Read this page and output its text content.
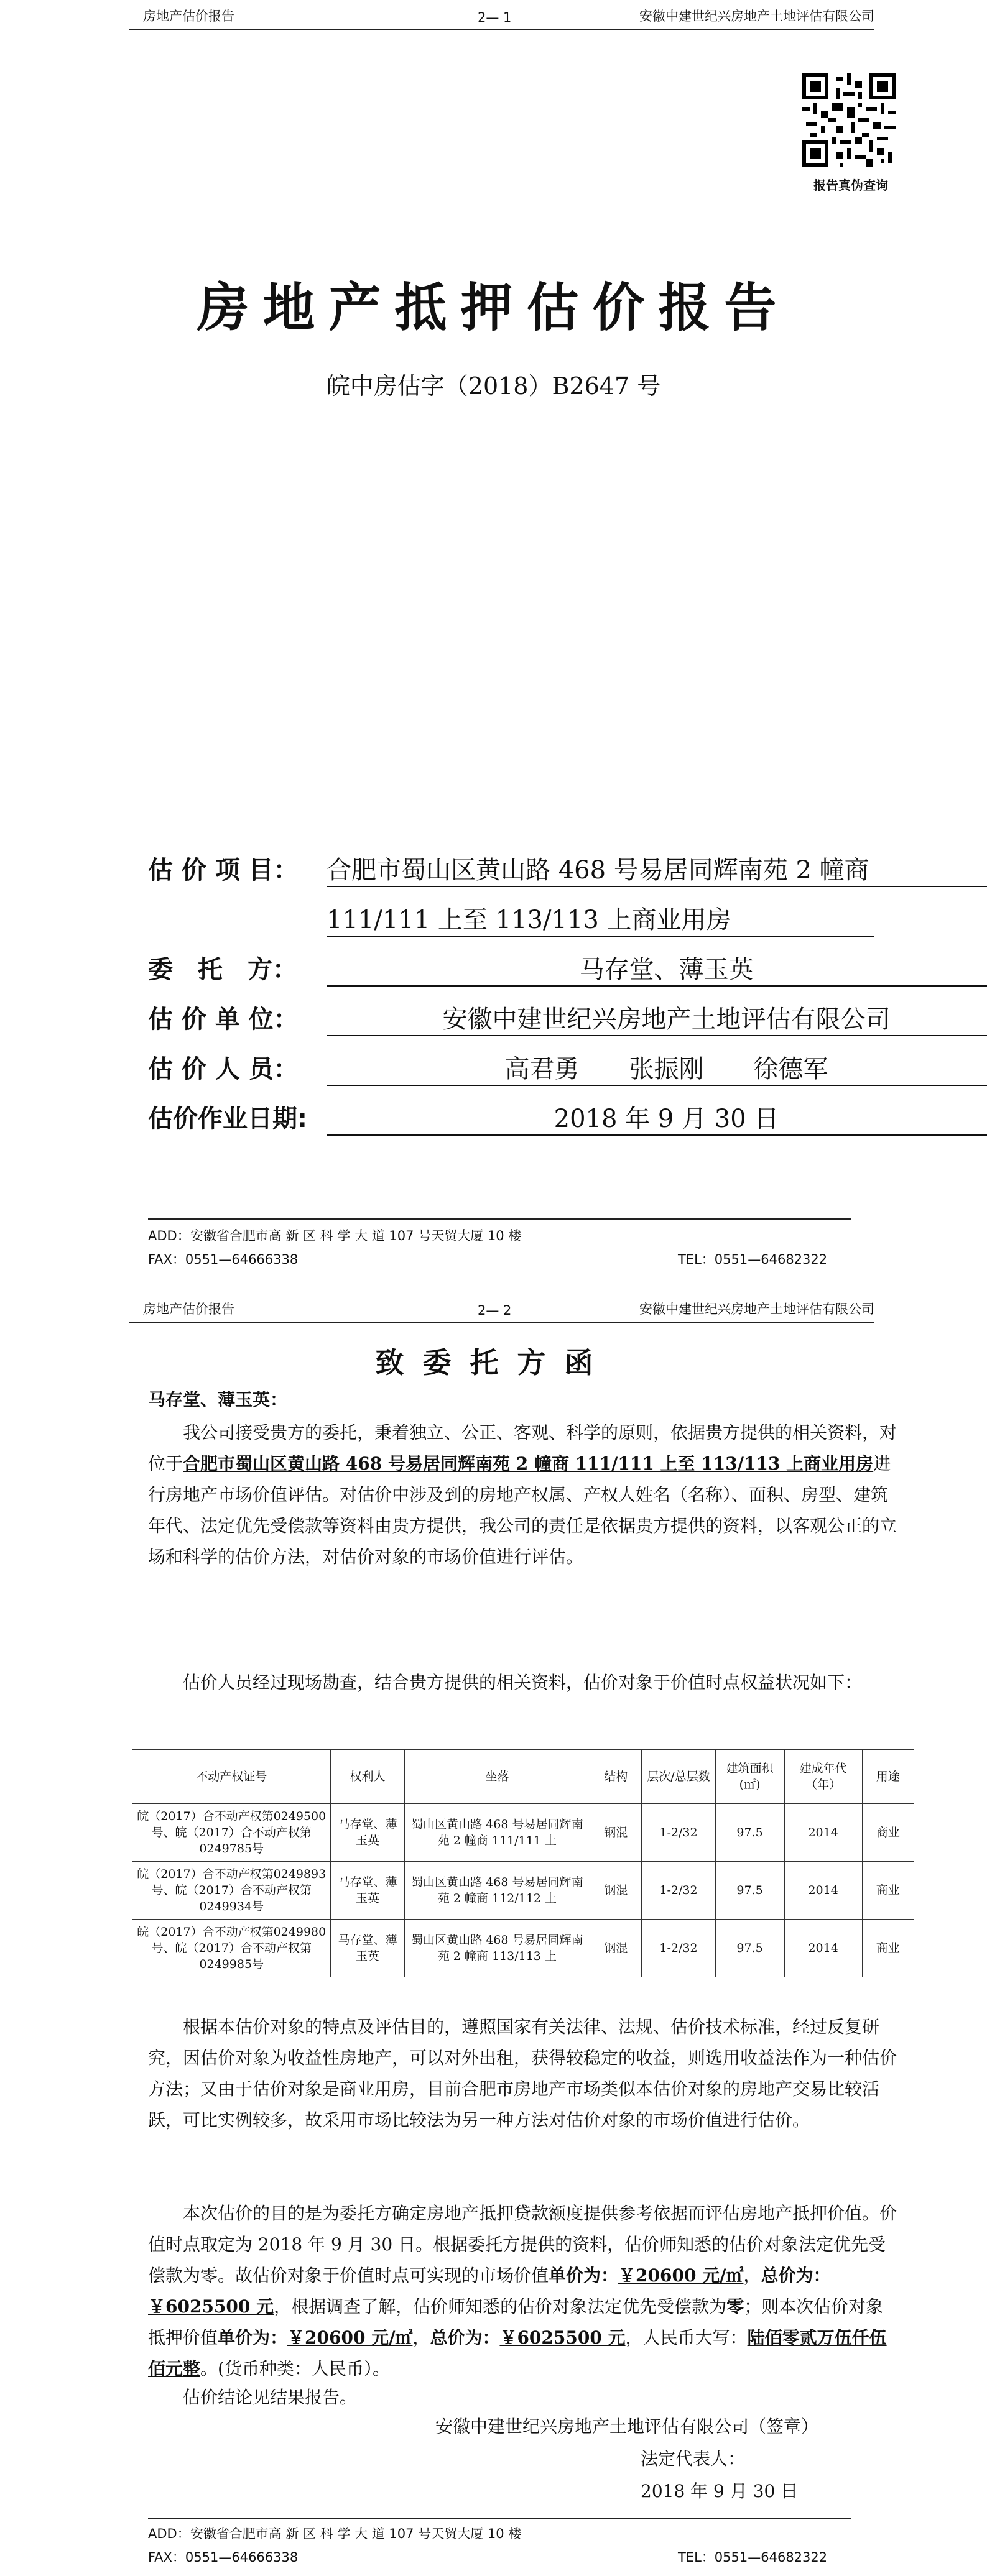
房地产估价报告	2— 1	安徽中建世纪兴房地产土地评估有限公司
报告真伪查询
房地产抵押估价报告
皖中房估字（2018）B2647 号
估 价 项 目： 合肥市蜀山区黄山路 468 号易居同辉南苑 2 幢商
111/111 上至 113/113 上商业用房
委　托　方：	马存堂、薄玉英
估 价 单 位：	安徽中建世纪兴房地产土地评估有限公司
估 价 人 员：	高君勇　　张振刚　　徐德军
估价作业日期:	2018 年 9 月 30 日
ADD：安徽省合肥市高 新 区 科 学 大 道 107 号天贸大厦 10 楼
FAX：0551—64666338	TEL：0551—64682322
房地产估价报告	2— 2	安徽中建世纪兴房地产土地评估有限公司
致委托方函
马存堂、薄玉英：
我公司接受贵方的委托，秉着独立、公正、客观、科学的原则，依据贵方提供的相关资料，对位于合肥市蜀山区黄山路 468 号易居同辉南苑 2 幢商 111/111 上至 113/113 上商业用房进行房地产市场价值评估。对估价中涉及到的房地产权属、产权人姓名（名称）、面积、房型、建筑年代、法定优先受偿款等资料由贵方提供，我公司的责任是依据贵方提供的资料，以客观公正的立场和科学的估价方法，对估价对象的市场价值进行评估。
估价人员经过现场勘查，结合贵方提供的相关资料，估价对象于价值时点权益状况如下：
不动产权证号	权利人	坐落	结构	层次/总层数	建筑面积(㎡)	建成年代（年）	用途
皖（2017）合不动产权第0249500号、皖（2017）合不动产权第0249785号	马存堂、薄玉英	蜀山区黄山路 468 号易居同辉南苑 2 幢商 111/111 上	钢混	1-2/32	97.5	2014	商业
皖（2017）合不动产权第0249893号、皖（2017）合不动产权第0249934号	马存堂、薄玉英	蜀山区黄山路 468 号易居同辉南苑 2 幢商 112/112 上	钢混	1-2/32	97.5	2014	商业
皖（2017）合不动产权第0249980号、皖（2017）合不动产权第0249985号	马存堂、薄玉英	蜀山区黄山路 468 号易居同辉南苑 2 幢商 113/113 上	钢混	1-2/32	97.5	2014	商业
根据本估价对象的特点及评估目的，遵照国家有关法律、法规、估价技术标准，经过反复研究，因估价对象为收益性房地产，可以对外出租，获得较稳定的收益，则选用收益法作为一种估价方法；又由于估价对象是商业用房，目前合肥市房地产市场类似本估价对象的房地产交易比较活跃，可比实例较多，故采用市场比较法为另一种方法对估价对象的市场价值进行估价。
本次估价的目的是为委托方确定房地产抵押贷款额度提供参考依据而评估房地产抵押价值。价值时点取定为 2018 年 9 月 30 日。根据委托方提供的资料，估价师知悉的估价对象法定优先受偿款为零。故估价对象于价值时点可实现的市场价值单价为：￥20600 元/㎡，总价为：￥6025500 元，根据调查了解，估价师知悉的估价对象法定优先受偿款为零；则本次估价对象抵押价值单价为：￥20600 元/㎡，总价为：￥6025500 元，人民币大写：陆佰零贰万伍仟伍佰元整。(货币种类：人民币）。
估价结论见结果报告。
安徽中建世纪兴房地产土地评估有限公司（签章）
法定代表人：
2018 年 9 月 30 日
ADD：安徽省合肥市高 新 区 科 学 大 道 107 号天贸大厦 10 楼
FAX：0551—64666338	TEL：0551—64682322
